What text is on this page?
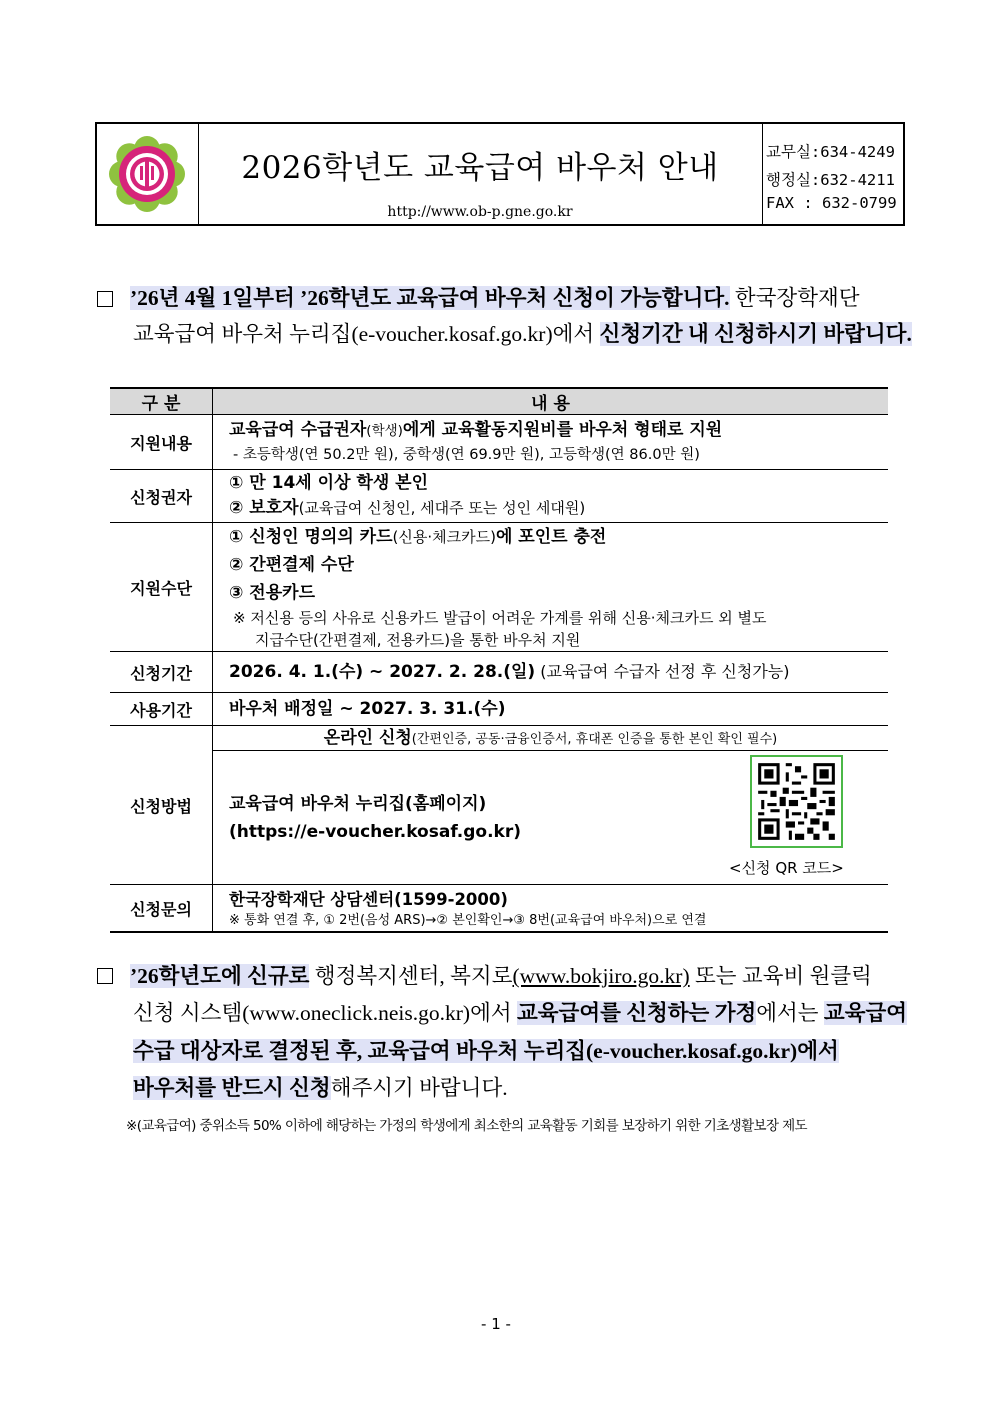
2026학년도 교육급여 바우처 안내
http://www.ob-p.gne.go.kr
교무실:634-4249
행정실:632-4211
FAX : 632-0799
’26년 4월 1일부터 ’26학년도 교육급여 바우처 신청이 가능합니다. 한국장학재단
교육급여 바우처 누리집(e-voucher.kosaf.go.kr)에서 신청기간 내 신청하시기 바랍니다.
구 분	내 용
지원내용	교육급여 수급권자(학생)에게 교육활동지원비를 바우처 형태로 지원
- 초등학생(연 50.2만 원), 중학생(연 69.9만 원), 고등학생(연 86.0만 원)

신청권자	① 만 14세 이상 학생 본인
② 보호자(교육급여 신청인, 세대주 또는 성인 세대원)

지원수단	① 신청인 명의의 카드(신용·체크카드)에 포인트 충전
② 간편결제 수단
③ 전용카드
※ 저신용 등의 사유로 신용카드 발급이 어려운 가계를 위해 신용·체크카드 외 별도
지급수단(간편결제, 전용카드)을 통한 바우처 지원

신청기간	2026. 4. 1.(수) ~ 2027. 2. 28.(일) (교육급여 수급자 선정 후 신청가능)

사용기간	바우처 배정일 ~ 2027. 3. 31.(수)

신청방법	온라인 신청(간편인증, 공동·금융인증서, 휴대폰 인증을 통한 본인 확인 필수)
교육급여 바우처 누리집(홈페이지)
(https://e-voucher.kosaf.go.kr)
<신청 QR 코드>

신청문의	한국장학재단 상담센터(1599-2000)
※ 통화 연결 후, ① 2번(음성 ARS)→② 본인확인→③ 8번(교육급여 바우처)으로 연결
’26학년도에 신규로 행정복지센터, 복지로(www.bokjiro.go.kr) 또는 교육비 원클릭
신청 시스템(www.oneclick.neis.go.kr)에서 교육급여를 신청하는 가정에서는 교육급여
수급 대상자로 결정된 후, 교육급여 바우처 누리집(e-voucher.kosaf.go.kr)에서
바우처를 반드시 신청해주시기 바랍니다.
※(교육급여) 중위소득 50% 이하에 해당하는 가정의 학생에게 최소한의 교육활동 기회를 보장하기 위한 기초생활보장 제도
- 1 -
